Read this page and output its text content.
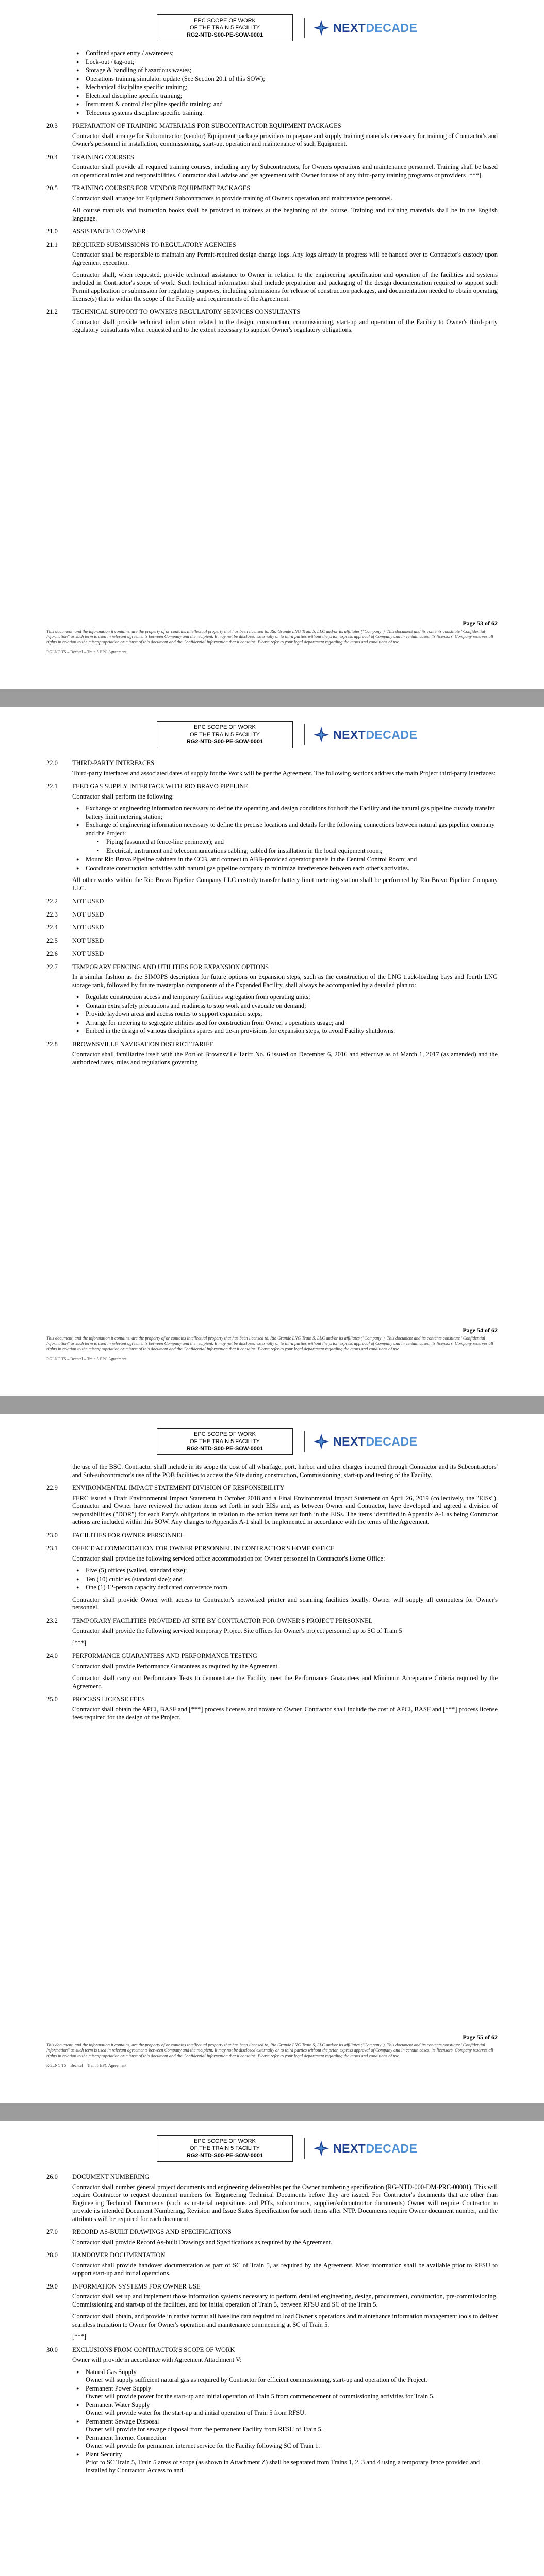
EPC SCOPE OF WORK
OF THE TRAIN 5 FACILITY
RG2-NTD-S00-PE-SOW-0001
NEXTDECADE
● Confined space entry / awareness;
● Lock-out / tag-out;
● Storage & handling of hazardous wastes;
● Operations training simulator update (See Section 20.1 of this SOW);
● Mechanical discipline specific training;
● Electrical discipline specific training;
● Instrument & control discipline specific training; and
● Telecoms systems discipline specific training.
20.3 PREPARATION OF TRAINING MATERIALS FOR SUBCONTRACTOR EQUIPMENT PACKAGES

Contractor shall arrange for Subcontractor (vendor) Equipment package providers to prepare and supply training materials necessary for training of Contractor's and Owner's personnel in installation, commissioning, start-up, operation and maintenance of such Equipment.

20.4 TRAINING COURSES

Contractor shall provide all required training courses, including any by Subcontractors, for Owners operations and maintenance personnel. Training shall be based on operational roles and responsibilities. Contractor shall advise and get agreement with Owner for use of any third-party training programs or providers [***].

20.5 TRAINING COURSES FOR VENDOR EQUIPMENT PACKAGES

Contractor shall arrange for Equipment Subcontractors to provide training of Owner's operation and maintenance personnel.

All course manuals and instruction books shall be provided to trainees at the beginning of the course. Training and training materials shall be in the English language.

21.0 ASSISTANCE TO OWNER
21.1 REQUIRED SUBMISSIONS TO REGULATORY AGENCIES

Contractor shall be responsible to maintain any Permit-required design change logs. Any logs already in progress will be handed over to Contractor's custody upon Agreement execution.

Contractor shall, when requested, provide technical assistance to Owner in relation to the engineering specification and operation of the facilities and systems included in Contractor's scope of work. Such technical information shall include preparation and packaging of the design documentation required to support such Permit application or submission for regulatory purposes, including submissions for release of construction packages, and documentation needed to obtain operating license(s) that is within the scope of the Facility and requirements of the Agreement.

21.2 TECHNICAL SUPPORT TO OWNER'S REGULATORY SERVICES CONSULTANTS

Contractor shall provide technical information related to the design, construction, commissioning, start-up and operation of the Facility to Owner's third-party regulatory consultants when requested and to the extent necessary to support Owner's regulatory obligations.

Page 53 of 62
This document, and the information it contains, are the property of or contains intellectual property that has been licensed to, Rio Grande LNG Train 5, LLC and/or its affiliates ("Company"). This document and its contents constitute "Confidential Information" as such term is used in relevant agreements between Company and the recipient. It may not be disclosed externally or to third parties without the prior, express approval of Company and in certain cases, its licensors. Company reserves all rights in relation to the misappropriation or misuse of this document and the Confidential Information that it contains. Please refer to your legal department regarding the terms and conditions of use.
RGLNG T5 – Bechtel – Train 5 EPC Agreement
EPC SCOPE OF WORK
OF THE TRAIN 5 FACILITY
RG2-NTD-S00-PE-SOW-0001
NEXTDECADE
22.0 THIRD-PARTY INTERFACES

Third-party interfaces and associated dates of supply for the Work will be per the Agreement. The following sections address the main Project third-party interfaces:

22.1 FEED GAS SUPPLY INTERFACE WITH RIO BRAVO PIPELINE

Contractor shall perform the following:

● Exchange of engineering information necessary to define the operating and design conditions for both the Facility and the natural gas pipeline custody transfer battery limit metering station;
● Exchange of engineering information necessary to define the precise locations and details for the following connections between natural gas pipeline company and the Project:
▪ Piping (assumed at fence-line perimeter); and
▪ Electrical, instrument and telecommunications cabling; cabled for installation in the local equipment room;
● Mount Rio Bravo Pipeline cabinets in the CCB, and connect to ABB-provided operator panels in the Central Control Room; and
● Coordinate construction activities with natural gas pipeline company to minimize interference between each other's activities.

All other works within the Rio Bravo Pipeline Company LLC custody transfer battery limit metering station shall be performed by Rio Bravo Pipeline Company LLC.

22.2 NOT USED
22.3 NOT USED
22.4 NOT USED
22.5 NOT USED
22.6 NOT USED
22.7 TEMPORARY FENCING AND UTILITIES FOR EXPANSION OPTIONS

In a similar fashion as the SIMOPS description for future options on expansion steps, such as the construction of the LNG truck-loading bays and fourth LNG storage tank, followed by future masterplan components of the Expanded Facility, shall always be accompanied by a detailed plan to:

● Regulate construction access and temporary facilities segregation from operating units;
● Contain extra safety precautions and readiness to stop work and evacuate on demand;
● Provide laydown areas and access routes to support expansion steps;
● Arrange for metering to segregate utilities used for construction from Owner's operations usage; and
● Embed in the design of various disciplines spares and tie-in provisions for expansion steps, to avoid Facility shutdowns.
22.8 BROWNSVILLE NAVIGATION DISTRICT TARIFF

Contractor shall familiarize itself with the Port of Brownsville Tariff No. 6 issued on December 6, 2016 and effective as of March 1, 2017 (as amended) and the authorized rates, rules and regulations governing

Page 54 of 62
This document, and the information it contains, are the property of or contains intellectual property that has been licensed to, Rio Grande LNG Train 5, LLC and/or its affiliates ("Company"). This document and its contents constitute "Confidential Information" as such term is used in relevant agreements between Company and the recipient. It may not be disclosed externally or to third parties without the prior, express approval of Company and in certain cases, its licensors. Company reserves all rights in relation to the misappropriation or misuse of this document and the Confidential Information that it contains. Please refer to your legal department regarding the terms and conditions of use.
RGLNG T5 – Bechtel – Train 5 EPC Agreement
EPC SCOPE OF WORK
OF THE TRAIN 5 FACILITY
RG2-NTD-S00-PE-SOW-0001
NEXTDECADE

the use of the BSC. Contractor shall include in its scope the cost of all wharfage, port, harbor and other charges incurred through Contractor and its Subcontractors' and Sub-subcontractor's use of the POB facilities to access the Site during construction, Commissioning, start-up and testing of the Facility.

22.9 ENVIRONMENTAL IMPACT STATEMENT DIVISION OF RESPONSIBILITY

FERC issued a Draft Environmental Impact Statement in October 2018 and a Final Environmental Impact Statement on April 26, 2019 (collectively, the "EISs"). Contractor and Owner have reviewed the action items set forth in such EISs and, as between Owner and Contractor, have developed and agreed a division of responsibilities ("DOR") for each Party's obligations in relation to the action items set forth in the EISs. The items identified in Appendix A-1 as being Contractor actions are included within this SOW. Any changes to Appendix A-1 shall be implemented in accordance with the terms of the Agreement.

23.0 FACILITIES FOR OWNER PERSONNEL
23.1 OFFICE ACCOMMODATION FOR OWNER PERSONNEL IN CONTRACTOR'S HOME OFFICE

Contractor shall provide the following serviced office accommodation for Owner personnel in Contractor's Home Office:

● Five (5) offices (walled, standard size);
● Ten (10) cubicles (standard size); and
● One (1) 12-person capacity dedicated conference room.

Contractor shall provide Owner with access to Contractor's networked printer and scanning facilities locally. Owner will supply all computers for Owner's personnel.

23.2 TEMPORARY FACILITIES PROVIDED AT SITE BY CONTRACTOR FOR OWNER'S PROJECT PERSONNEL

Contractor shall provide the following serviced temporary Project Site offices for Owner's project personnel up to SC of Train 5

[***]

24.0 PERFORMANCE GUARANTEES AND PERFORMANCE TESTING

Contractor shall provide Performance Guarantees as required by the Agreement.

Contractor shall carry out Performance Tests to demonstrate the Facility meet the Performance Guarantees and Minimum Acceptance Criteria required by the Agreement.

25.0 PROCESS LICENSE FEES

Contractor shall obtain the APCI, BASF and [***] process licenses and novate to Owner. Contractor shall include the cost of APCI, BASF and [***] process license fees required for the design of the Project.

Page 55 of 62
This document, and the information it contains, are the property of or contains intellectual property that has been licensed to, Rio Grande LNG Train 5, LLC and/or its affiliates ("Company"). This document and its contents constitute "Confidential Information" as such term is used in relevant agreements between Company and the recipient. It may not be disclosed externally or to third parties without the prior, express approval of Company and in certain cases, its licensors. Company reserves all rights in relation to the misappropriation or misuse of this document and the Confidential Information that it contains. Please refer to your legal department regarding the terms and conditions of use.
RGLNG T5 – Bechtel – Train 5 EPC Agreement
EPC SCOPE OF WORK
OF THE TRAIN 5 FACILITY
RG2-NTD-S00-PE-SOW-0001
NEXTDECADE
26.0 DOCUMENT NUMBERING

Contractor shall number general project documents and engineering deliverables per the Owner numbering specification (RG-NTD-000-DM-PRC-00001). This will require Contractor to request document numbers for Engineering Technical Documents before they are issued. For Contractor's documents that are other than Engineering Technical Documents (such as material requisitions and PO's, subcontracts, supplier/subcontractor documents) Owner will require Contractor to provide its intended Document Numbering, Revision and Issue States Specification for such items after NTP. Documents require Owner document number, and the attributes will be required for each document.

27.0 RECORD AS-BUILT DRAWINGS AND SPECIFICATIONS

Contractor shall provide Record As-built Drawings and Specifications as required by the Agreement.

28.0 HANDOVER DOCUMENTATION

Contractor shall provide handover documentation as part of SC of Train 5, as required by the Agreement. Most information shall be available prior to RFSU to support start-up and initial operations.

29.0 INFORMATION SYSTEMS FOR OWNER USE

Contractor shall set up and implement those information systems necessary to perform detailed engineering, design, procurement, construction, pre-commissioning, Commissioning and start-up of the facilities, and for initial operation of Train 5, between RFSU and SC of the Train 5.

Contractor shall obtain, and provide in native format all baseline data required to load Owner's operations and maintenance information management tools to deliver seamless transition to Owner for Owner's operation and maintenance commencing at SC of Train 5.

[***]

30.0 EXCLUSIONS FROM CONTRACTOR'S SCOPE OF WORK

Owner will provide in accordance with Agreement Attachment V:

● Natural Gas Supply
Owner will supply sufficient natural gas as required by Contractor for efficient commissioning, start-up and operation of the Project.
● Permanent Power Supply
Owner will provide power for the start-up and initial operation of Train 5 from commencement of commissioning activities for Train 5.
● Permanent Water Supply
Owner will provide water for the start-up and initial operation of Train 5 from RFSU.
● Permanent Sewage Disposal
Owner will provide for sewage disposal from the permanent Facility from RFSU of Train 5.
● Permanent Internet Connection
Owner will provide for permanent internet service for the Facility following SC of Train 1.
● Plant Security
Prior to SC Train 5, Train 5 areas of scope (as shown in Attachment Z) shall be separated from Trains 1, 2, 3 and 4 using a temporary fence provided and installed by Contractor. Access to and
